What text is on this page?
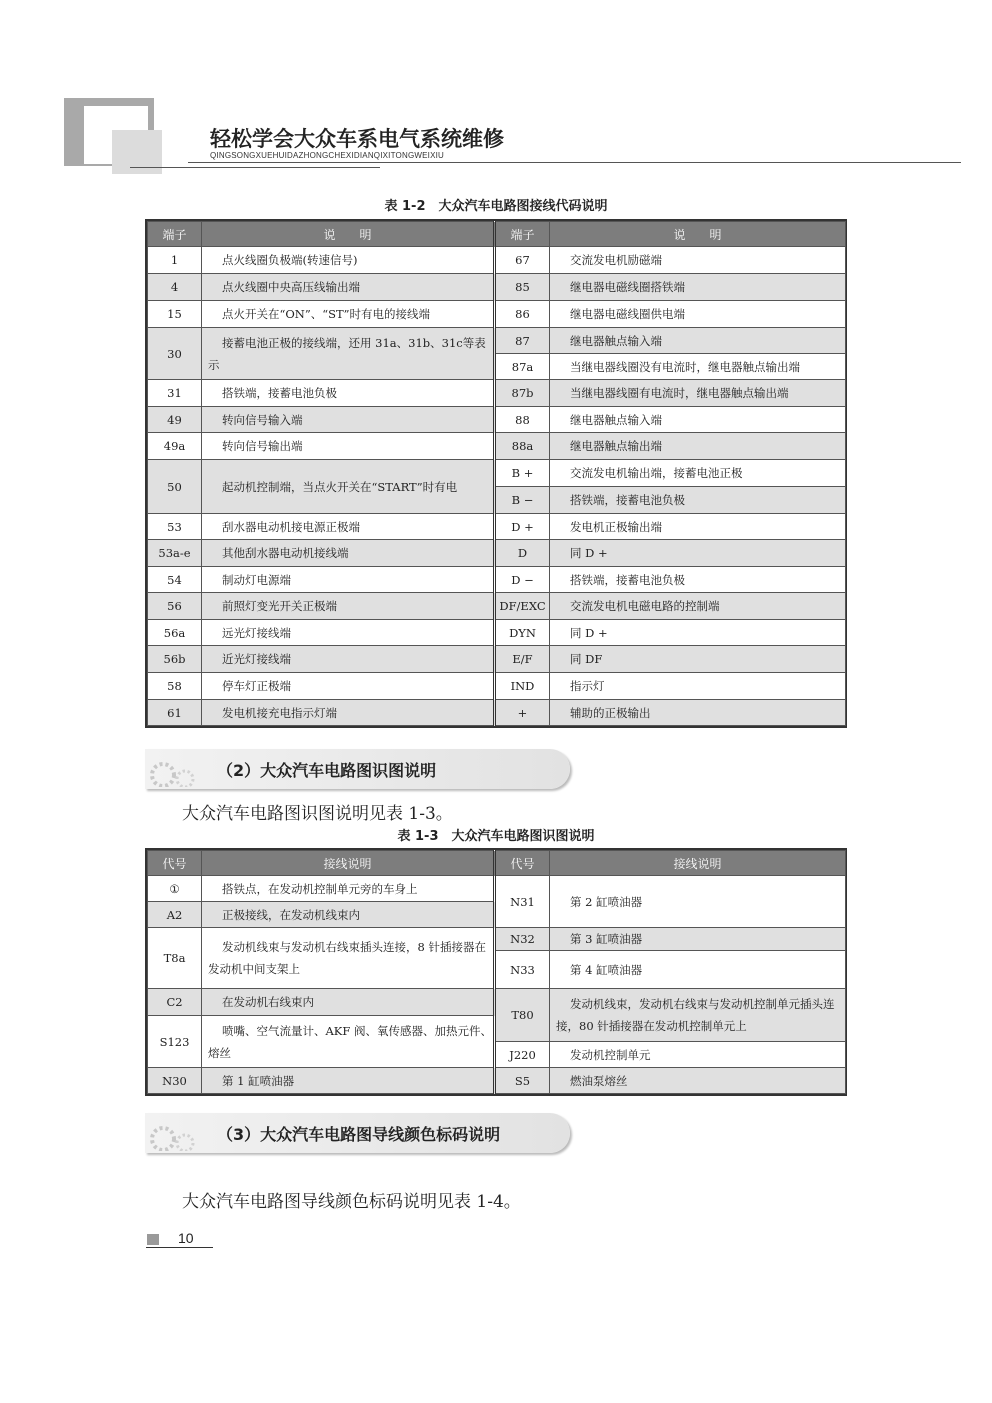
轻松学会大众车系电气系统维修
QINGSONGXUEHUIDAZHONGCHEXIDIANQIXITONGWEIXIU
表 1-2　大众汽车电路图接线代码说明
端子	说　　明	端子	说　　明
1	点火线圈负极端(转速信号)	67	交流发电机励磁端
4	点火线圈中央高压线输出端	85	继电器电磁线圈搭铁端
15	点火开关在“ON”、“ST”时有电的接线端	86	继电器电磁线圈供电端
30	接蓄电池正极的接线端，还用 31a、31b、31c等表示	87	继电器触点输入端
		87a	当继电器线圈没有电流时，继电器触点输出端
31	搭铁端，接蓄电池负极	87b	当继电器线圈有电流时，继电器触点输出端
49	转向信号输入端	88	继电器触点输入端
49a	转向信号输出端	88a	继电器触点输出端
50	起动机控制端，当点火开关在“START”时有电	B +	交流发电机输出端，接蓄电池正极
		B −	搭铁端，接蓄电池负极
53	刮水器电动机接电源正极端	D +	发电机正极输出端
53a-e	其他刮水器电动机接线端	D	同 D +
54	制动灯电源端	D −	搭铁端，接蓄电池负极
56	前照灯变光开关正极端	DF/EXC	交流发电机电磁电路的控制端
56a	远光灯接线端	DYN	同 D +
56b	近光灯接线端	E/F	同 DF
58	停车灯正极端	IND	指示灯
61	发电机接充电指示灯端	+	辅助的正极输出
（2）大众汽车电路图识图说明
大众汽车电路图识图说明见表 1-3。
表 1-3　大众汽车电路图识图说明
代号	接线说明	代号	接线说明
①	搭铁点，在发动机控制单元旁的车身上	N31	第 2 缸喷油器
A2	正极接线，在发动机线束内		
T8a	发动机线束与发动机右线束插头连接，8 针插接器在发动机中间支架上	N32	第 3 缸喷油器
		N33	第 4 缸喷油器
C2	在发动机右线束内	T80	发动机线束，发动机右线束与发动机控制单元插头连接，80 针插接器在发动机控制单元上
S123	喷嘴、空气流量计、AKF 阀、氧传感器、加热元件、熔丝		
		J220	发动机控制单元
N30	第 1 缸喷油器	S5	燃油泵熔丝
（3）大众汽车电路图导线颜色标码说明
大众汽车电路图导线颜色标码说明见表 1-4。
10
